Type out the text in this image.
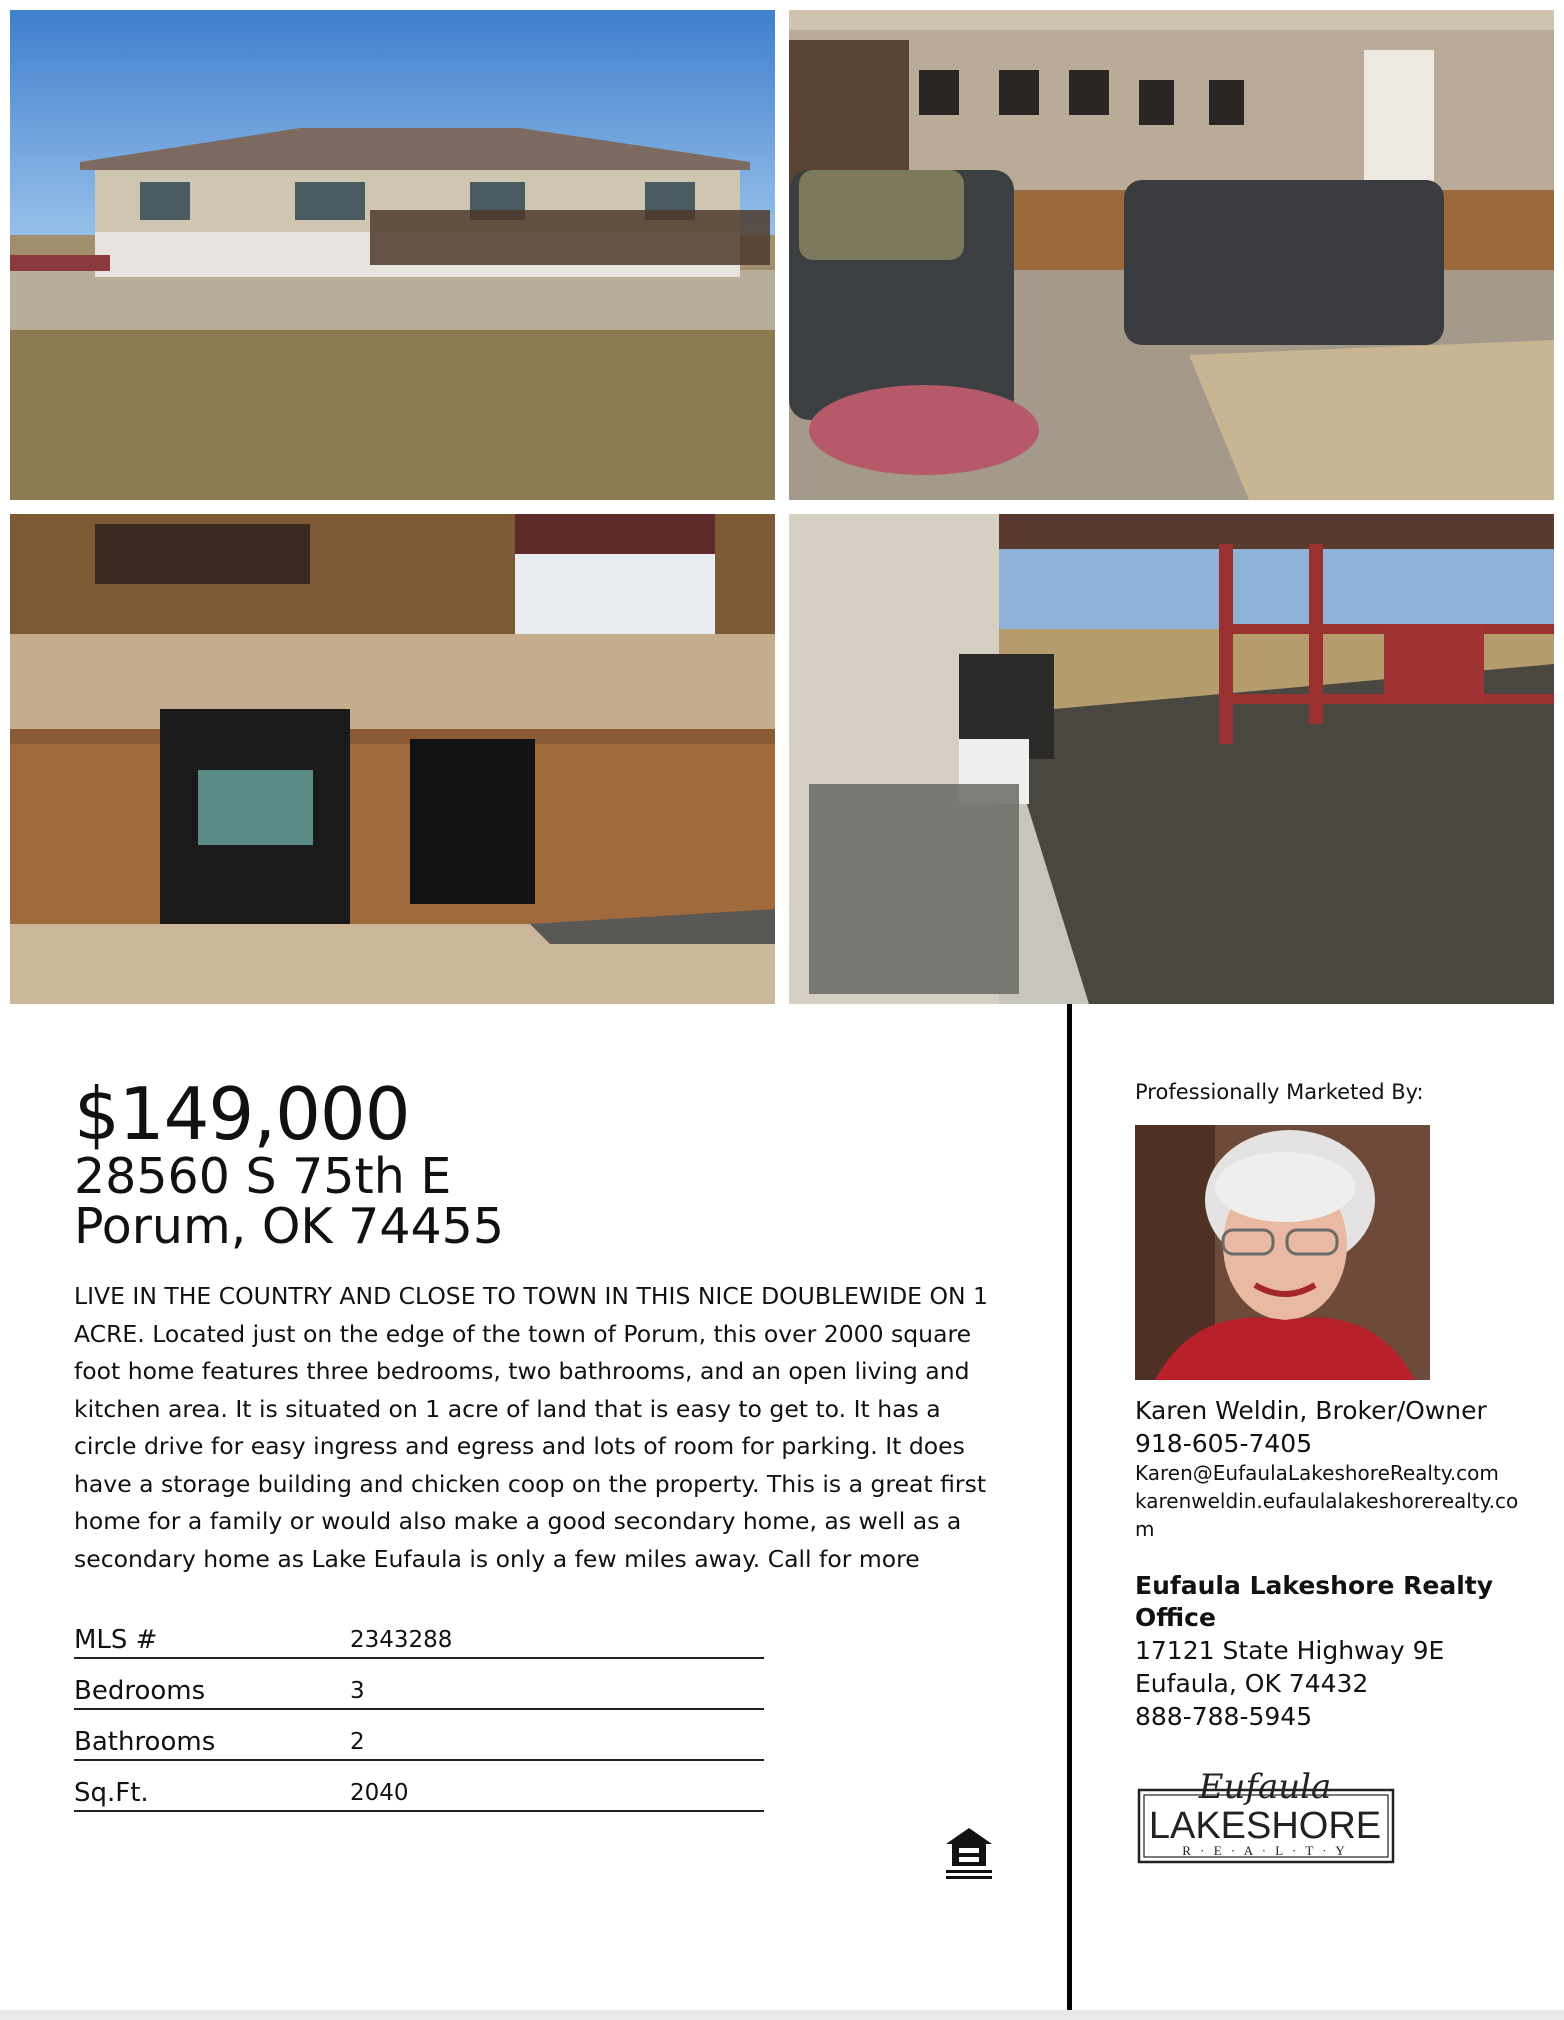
$149,000
28560 S 75th E
Porum, OK 74455

LIVE IN THE COUNTRY AND CLOSE TO TOWN IN THIS NICE DOUBLEWIDE ON 1 ACRE. Located just on the edge of the town of Porum, this over 2000 square foot home features three bedrooms, two bathrooms, and an open living and kitchen area. It is situated on 1 acre of land that is easy to get to. It has a circle drive for easy ingress and egress and lots of room for parking. It does have a storage building and chicken coop on the property. This is a great first home for a family or would also make a good secondary home, as well as a secondary home as Lake Eufaula is only a few miles away. Call for more

MLS #	2343288
Bedrooms	3
Bathrooms	2
Sq.Ft.	2040
Professionally Marketed By:
Karen Weldin, Broker/Owner
918-605-7405
Karen@EufaulaLakeshoreRealty.com
karenweldin.eufaulalakeshorerealty.com
Eufaula Lakeshore Realty Office
17121 State Highway 9E
Eufaula, OK 74432
888-788-5945
Eufaula
LAKESHORE
R · E · A · L · T · Y
